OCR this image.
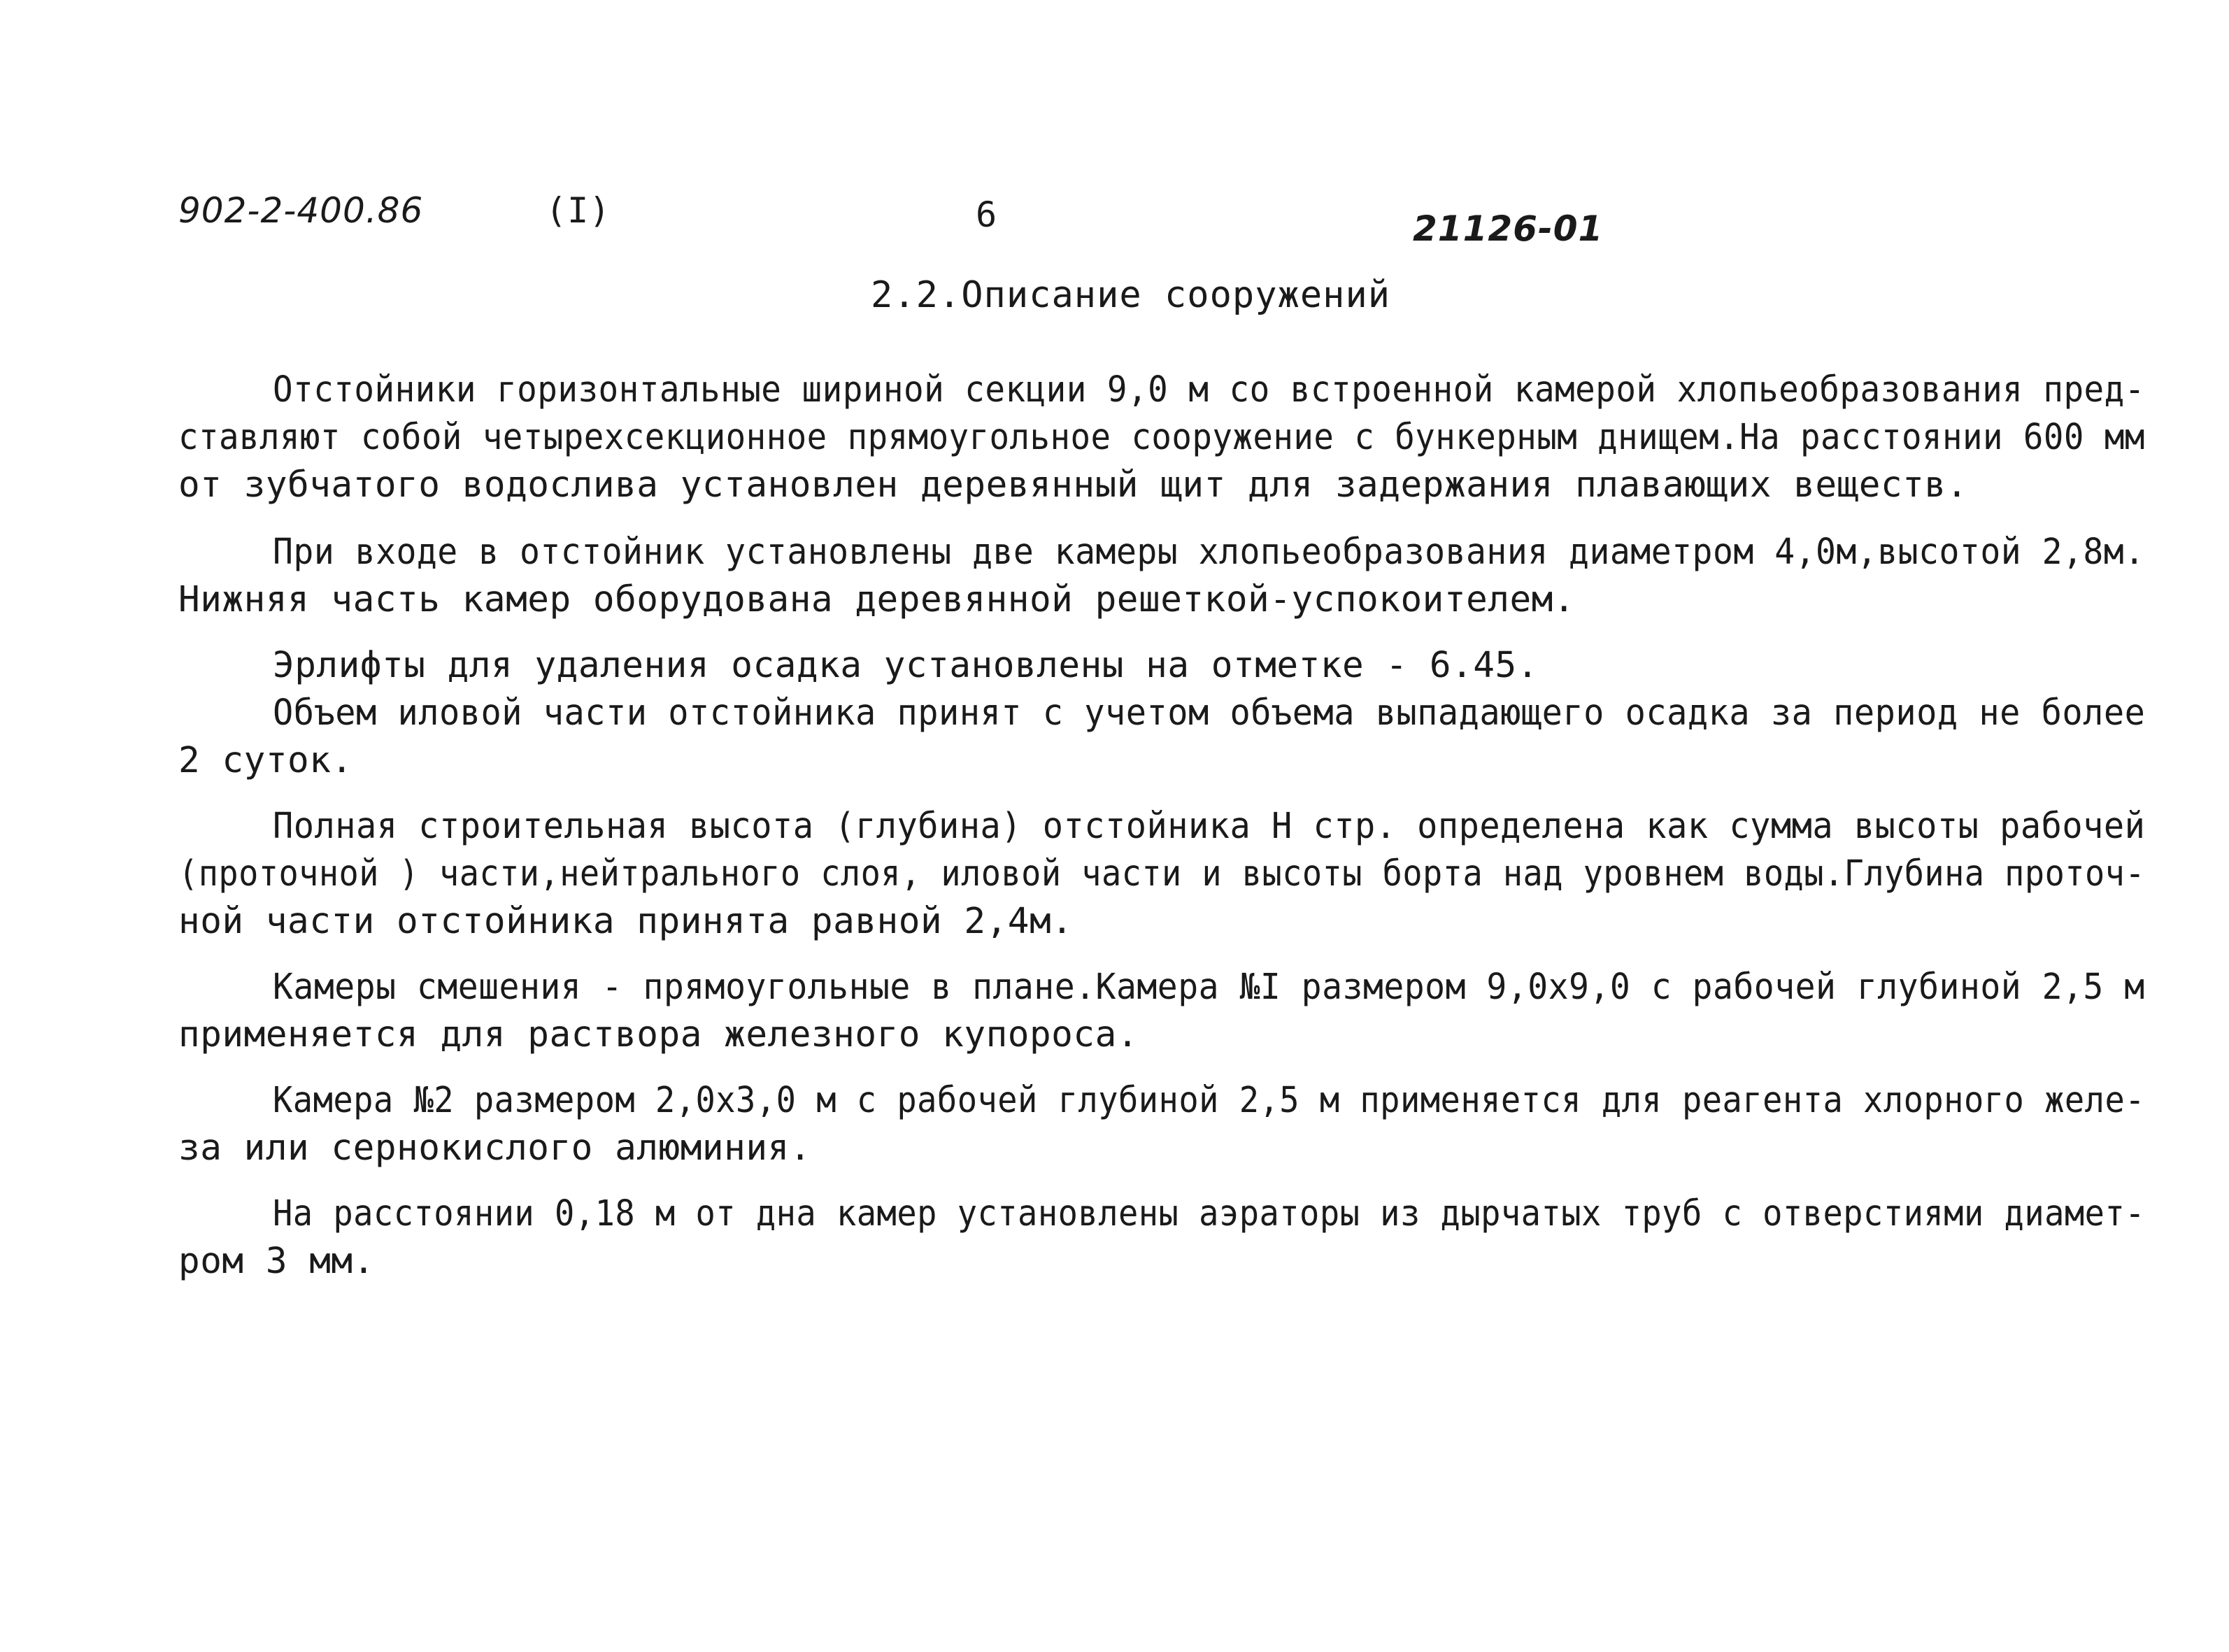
902-2-400.86	(I)	6	21126-01
2.2.Описание сооружений
Отстойники горизонтальные шириной секции 9,0 м со встроенной камерой хлопьеобразования пред-
ставляют собой четырехсекционное прямоугольное сооружение с бункерным днищем.На расстоянии 600 мм
от зубчатого водослива установлен деревянный щит для задержания плавающих веществ.
При входе в отстойник установлены две камеры хлопьеобразования диаметром 4,0м,высотой 2,8м.
Нижняя часть камер оборудована деревянной решеткой-успокоителем.
Эрлифты для удаления осадка установлены на отметке - 6.45.
Объем иловой части отстойника принят с учетом объема выпадающего осадка за период не более
2 суток.
Полная строительная высота (глубина) отстойника Н стр. определена как сумма высоты рабочей
(проточной ) части,нейтрального слоя, иловой части и высоты борта над уровнем воды.Глубина проточ-
ной части отстойника принята равной 2,4м.
Камеры смешения - прямоугольные в плане.Камера №I размером 9,0х9,0 с рабочей глубиной 2,5 м
применяется для раствора железного купороса.
Камера №2 размером 2,0х3,0 м с рабочей глубиной 2,5 м применяется для реагента хлорного желе-
за или сернокислого алюминия.
На расстоянии 0,18 м от дна камер установлены аэраторы из дырчатых труб с отверстиями диамет-
ром 3 мм.
